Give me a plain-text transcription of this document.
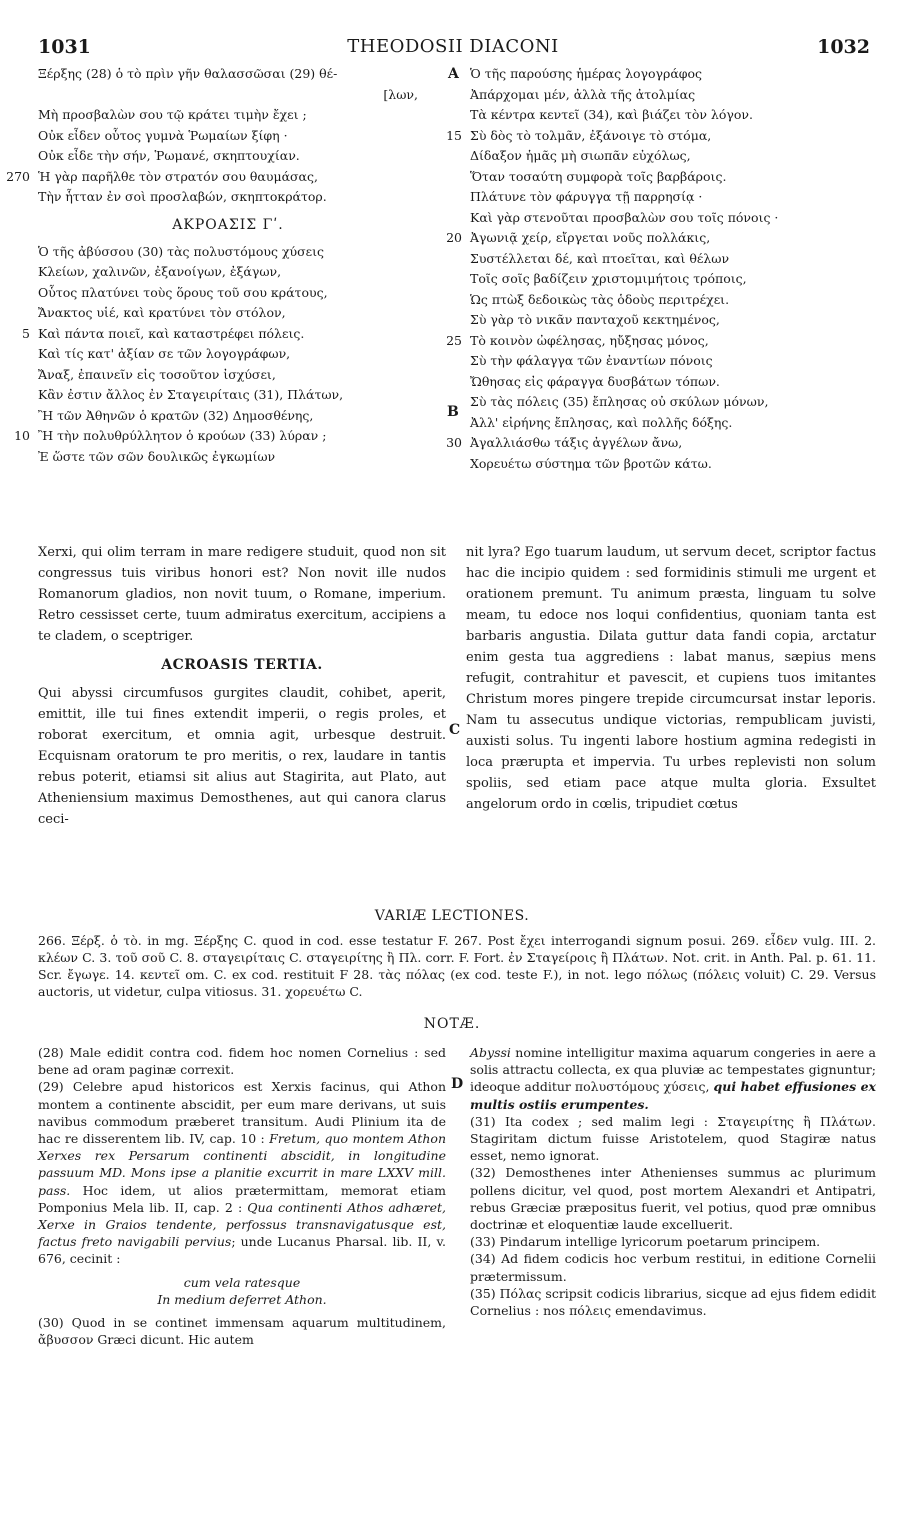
1031	THEODOSII DIACONI	1032
Ξέρξης (28) ὁ τὸ πρὶν γῆν θαλασσῶσαι (29) θέ-
[λων,
Μὴ προσβαλὼν σου τῷ κράτει τιμὴν ἔχει ;
Οὐκ εἶδεν οὗτος γυμνὰ Ῥωμαίων ξίφη ·
Οὐκ εἶδε τὴν σήν, Ῥωμανέ, σκηπτουχίαν.
270 Ἡ γὰρ παρῆλθε τὸν στρατόν σου θαυμάσας,
Τὴν ἧτταν ἐν σοὶ προσλαβών, σκηπτοκράτορ.
ΑΚΡΟΑΣΙΣ Γʹ.
Ὁ τῆς ἀβύσσου (30) τὰς πολυστόμους χύσεις
Κλείων, χαλινῶν, ἐξανοίγων, ἐξάγων,
Οὗτος πλατύνει τοὺς ὅρους τοῦ σου κράτους,
Ἄνακτος υἱέ, καὶ κρατύνει τὸν στόλον,
5 Καὶ πάντα ποιεῖ, καὶ καταστρέφει πόλεις.
Καὶ τίς κατ' ἀξίαν σε τῶν λογογράφων,
Ἄναξ, ἐπαινεῖν εἰς τοσοῦτον ἰσχύσει,
Κἂν ἐστιν ἄλλος ἐν Σταγειρίταις (31), Πλάτων,
Ἢ τῶν Ἀθηνῶν ὁ κρατῶν (32) Δημοσθένης,
10 Ἢ τὴν πολυθρύλλητον ὁ κρούων (33) λύραν ;
Ἐ ὥστε τῶν σῶν δουλικῶς ἐγκωμίων
Ὁ τῆς παρούσης ἡμέρας λογογράφος
Ἀπάρχομαι μέν, ἀλλὰ τῆς ἀτολμίας
Τὰ κέντρα κεντεῖ (34), καὶ βιάζει τὸν λόγον.
15 Σὺ δὸς τὸ τολμᾶν, ἐξάνοιγε τὸ στόμα,
Δίδαξον ἡμᾶς μὴ σιωπᾶν εὐχόλως,
Ὅταν τοσαύτη συμφορὰ τοῖς βαρβάροις.
Πλάτυνε τὸν φάρυγγα τῇ παρρησίᾳ ·
Καὶ γὰρ στενοῦται προσβαλὼν σου τοῖς πόνοις ·
20 Ἀγωνιᾷ χείρ, εἴργεται νοῦς πολλάκις,
Συστέλλεται δέ, καὶ πτοεῖται, καὶ θέλων
Τοῖς σοῖς βαδίζειν χριστομιμήτοις τρόποις,
Ὡς πτὼξ δεδοικὼς τὰς ὁδοὺς περιτρέχει.
Σὺ γὰρ τὸ νικᾶν πανταχοῦ κεκτημένος,
25 Τὸ κοινὸν ὠφέλησας, ηὔξησας μόνος,
Σὺ τὴν φάλαγγα τῶν ἐναντίων πόνοις
Ὤθησας εἰς φάραγγα δυσβάτων τόπων.
Σὺ τὰς πόλεις (35) ἔπλησας οὐ σκύλων μόνων,
Ἀλλ' εἰρήνης ἔπλησας, καὶ πολλῆς δόξης.
30 Ἀγαλλιάσθω τάξις ἀγγέλων ἄνω,
Χορευέτω σύστημα τῶν βροτῶν κάτω.
A
B
C
D

Xerxi, qui olim terram in mare redigere studuit, quod non sit congressus tuis viribus honori est? Non novit ille nudos Romanorum gladios, non novit tuum, o Romane, imperium. Retro cessisset certe, tuum admiratus exercitum, accipiens a te cladem, o sceptriger.

ACROASIS TERTIA.

Qui abyssi circumfusos gurgites claudit, cohibet, aperit, emittit, ille tui fines extendit imperii, o regis proles, et roborat exercitum, et omnia agit, urbesque destruit. Ecquisnam oratorum te pro meritis, o rex, laudare in tantis rebus poterit, etiamsi sit alius aut Stagirita, aut Plato, aut Atheniensium maximus Demosthenes, aut qui canora clarus ceci-

nit lyra? Ego tuarum laudum, ut servum decet, scriptor factus hac die incipio quidem : sed formidinis stimuli me urgent et orationem premunt. Tu animum præsta, linguam tu solve meam, tu edoce nos loqui confidentius, quoniam tanta est barbaris angustia. Dilata guttur data fandi copia, arctatur enim gesta tua aggrediens : labat manus, sæpius mens refugit, contrahitur et pavescit, et cupiens tuos imitantes Christum mores pingere trepide circumcursat instar leporis. Nam tu assecutus undique victorias, rempublicam juvisti, auxisti solus. Tu ingenti labore hostium agmina redegisti in loca prærupta et impervia. Tu urbes replevisti non solum spoliis, sed etiam pace atque multa gloria. Exsultet angelorum ordo in cœlis, tripudiet cœtus

VARIÆ LECTIONES.
266. Ξέρξ. ὁ τὸ. in mg. Ξέρξης C. quod in cod. esse testatur F. 267. Post ἔχει interrogandi signum posui. 269. εἶδεν vulg. III. 2. κλέων C. 3. τοῦ σοῦ C. 8. σταγειρίταις C. σταγειρίτης ἢ Πλ. corr. F. Fort. ἐν Σταγείροις ἢ Πλάτων. Not. crit. in Anth. Pal. p. 61. 11. Scr. ἔγωγε. 14. κεντεῖ om. C. ex cod. restituit F 28. τὰς πόλας (ex cod. teste F.), in not. lego πόλως (πόλεις voluit) C. 29. Versus auctoris, ut videtur, culpa vitiosus. 31. χορευέτω C.
NOTÆ.

(28) Male edidit contra cod. fidem hoc nomen Cornelius : sed bene ad oram paginæ correxit.

(29) Celebre apud historicos est Xerxis facinus, qui Athon montem a continente abscidit, per eum mare derivans, ut suis navibus commodum præberet transitum. Audi Plinium ita de hac re disserentem lib. IV, cap. 10 : Fretum, quo montem Athon Xerxes rex Persarum continenti abscidit, in longitudine passuum MD. Mons ipse a planitie excurrit in mare LXXV mill. pass. Hoc idem, ut alios prætermittam, memorat etiam Pomponius Mela lib. II, cap. 2 : Qua continenti Athos adhæret, Xerxe in Graios tendente, perfossus transnavigatusque est, factus freto navigabili pervius; unde Lucanus Pharsal. lib. II, v. 676, cecinit :

cum vela ratesque
In medium deferret Athon.

(30) Quod in se continet immensam aquarum multitudinem, ἄβυσσον Græci dicunt. Hic autem

Abyssi nomine intelligitur maxima aquarum congeries in aere a solis attractu collecta, ex qua pluviæ ac tempestates gignuntur; ideoque additur πολυστόμους χύσεις, qui habet effusiones ex multis ostiis erumpentes.

(31) Ita codex ; sed malim legi : Σταγειρίτης ἢ Πλάτων. Stagiritam dictum fuisse Aristotelem, quod Stagiræ natus esset, nemo ignorat.

(32) Demosthenes inter Athenienses summus ac plurimum pollens dicitur, vel quod, post mortem Alexandri et Antipatri, rebus Græciæ præpositus fuerit, vel potius, quod præ omnibus doctrinæ et eloquentiæ laude excelluerit.

(33) Pindarum intellige lyricorum poetarum principem.

(34) Ad fidem codicis hoc verbum restitui, in editione Cornelii prætermissum.

(35) Πόλας scripsit codicis librarius, sicque ad ejus fidem edidit Cornelius : nos πόλεις emendavimus.
